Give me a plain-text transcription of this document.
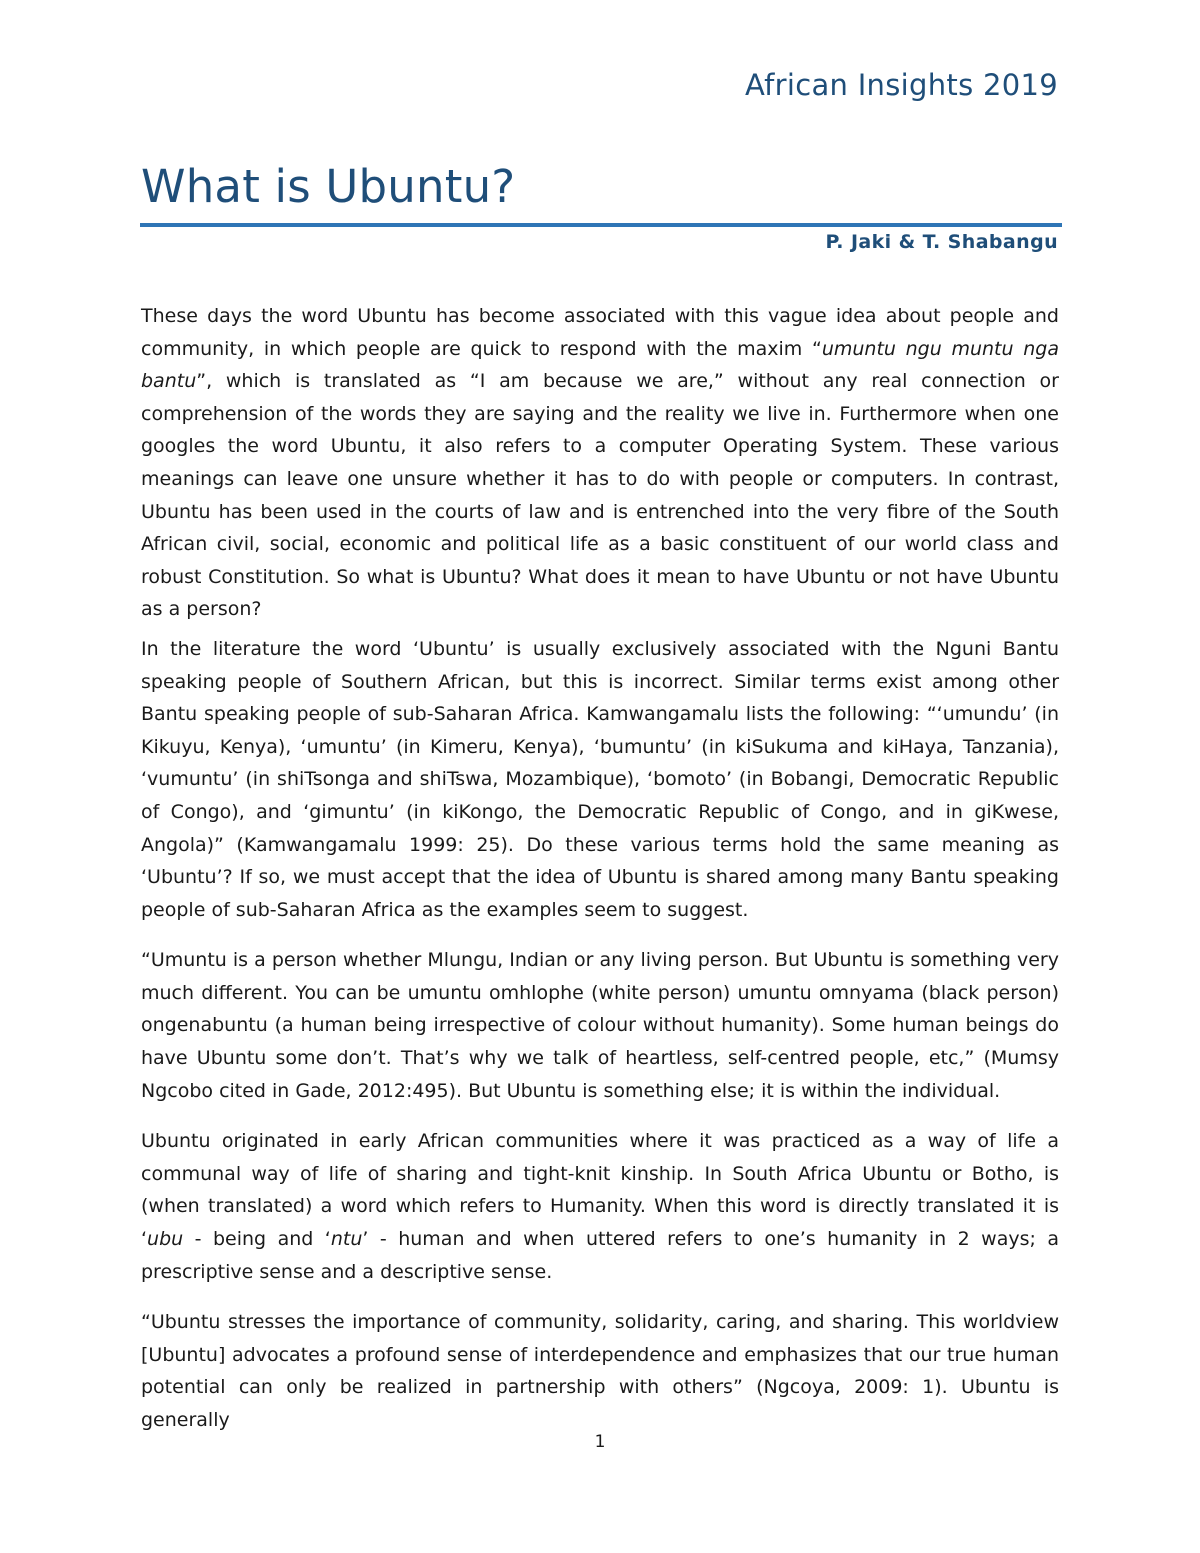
African Insights 2019
What is Ubuntu?
P. Jaki & T. Shabangu

These days the word Ubuntu has become associated with this vague idea about people and community, in which people are quick to respond with the maxim “umuntu ngu muntu nga bantu”, which is translated as “I am because we are,” without any real connection or comprehension of the words they are saying and the reality we live in. Furthermore when one googles the word Ubuntu, it also refers to a computer Operating System. These various meanings can leave one unsure whether it has to do with people or computers. In contrast, Ubuntu has been used in the courts of law and is entrenched into the very fibre of the South African civil, social, economic and political life as a basic constituent of our world class and robust Constitution. So what is Ubuntu? What does it mean to have Ubuntu or not have Ubuntu as a person?

In the literature the word ‘Ubuntu’ is usually exclusively associated with the Nguni Bantu speaking people of Southern African, but this is incorrect. Similar terms exist among other Bantu speaking people of sub-Saharan Africa. Kamwangamalu lists the following: “‘umundu’ (in Kikuyu, Kenya), ‘umuntu’ (in Kimeru, Kenya), ‘bumuntu’ (in kiSukuma and kiHaya, Tanzania), ‘vumuntu’ (in shiTsonga and shiTswa, Mozambique), ‘bomoto’ (in Bobangi, Democratic Republic of Congo), and ‘gimuntu’ (in kiKongo, the Democratic Republic of Congo, and in giKwese, Angola)” (Kamwangamalu 1999: 25). Do these various terms hold the same meaning as ‘Ubuntu’? If so, we must accept that the idea of Ubuntu is shared among many Bantu speaking people of sub-Saharan Africa as the examples seem to suggest.

“Umuntu is a person whether Mlungu, Indian or any living person. But Ubuntu is something very much different. You can be umuntu omhlophe (white person) umuntu omnyama (black person) ongenabuntu (a human being irrespective of colour without humanity). Some human beings do have Ubuntu some don’t. That’s why we talk of heartless, self-centred people, etc,” (Mumsy Ngcobo cited in Gade, 2012:495). But Ubuntu is something else; it is within the individual.

Ubuntu originated in early African communities where it was practiced as a way of life a communal way of life of sharing and tight-knit kinship. In South Africa Ubuntu or Botho, is (when translated) a word which refers to Humanity. When this word is directly translated it is ‘ubu - being and ‘ntu’ - human and when uttered refers to one’s humanity in 2 ways; a prescriptive sense and a descriptive sense.

“Ubuntu stresses the importance of community, solidarity, caring, and sharing. This worldview [Ubuntu] advocates a profound sense of interdependence and emphasizes that our true human potential can only be realized in partnership with others” (Ngcoya, 2009: 1). Ubuntu is generally

1
